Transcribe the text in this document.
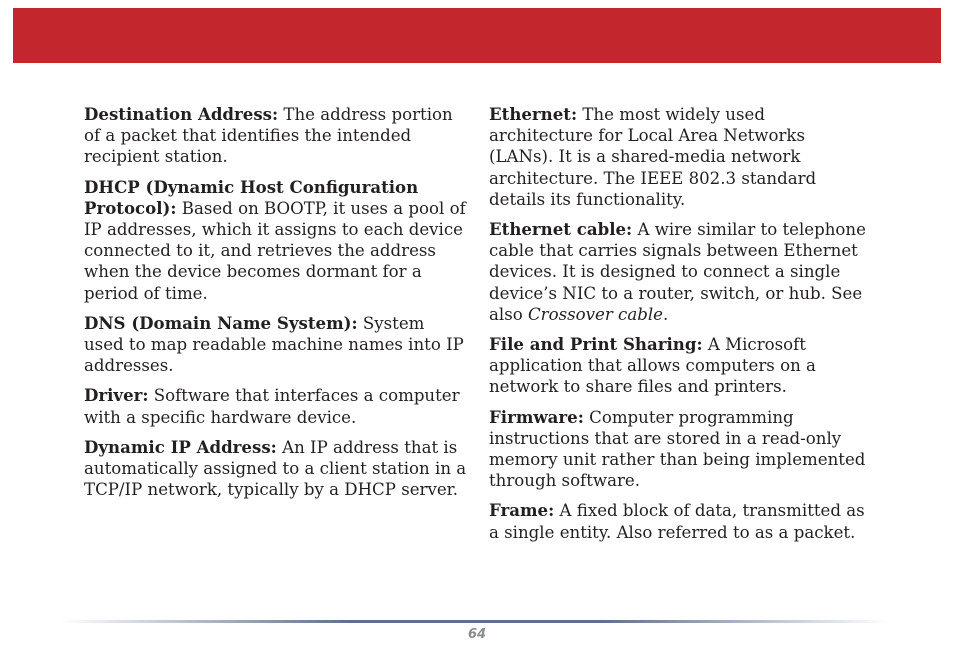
Destination Address: The address portion of a packet that identifies the intended recipient station.

DHCP (Dynamic Host Configuration Protocol): Based on BOOTP, it uses a pool of IP addresses, which it assigns to each device connected to it, and retrieves the address when the device becomes dormant for a period of time.

DNS (Domain Name System): System used to map readable machine names into IP addresses.

Driver: Software that interfaces a computer with a specific hardware device.

Dynamic IP Address: An IP address that is automatically assigned to a client station in a TCP/IP network, typically by a DHCP server.

Ethernet: The most widely used architecture for Local Area Networks (LANs). It is a shared-media network architecture. The IEEE 802.3 standard details its functionality.

Ethernet cable: A wire similar to telephone cable that carries signals between Ethernet devices. It is designed to connect a single device’s NIC to a router, switch, or hub. See also Crossover cable.

File and Print Sharing: A Microsoft application that allows computers on a network to share files and printers.

Firmware: Computer programming instructions that are stored in a read-only memory unit rather than being implemented through software.

Frame: A fixed block of data, transmitted as a single entity. Also referred to as a packet.

64
